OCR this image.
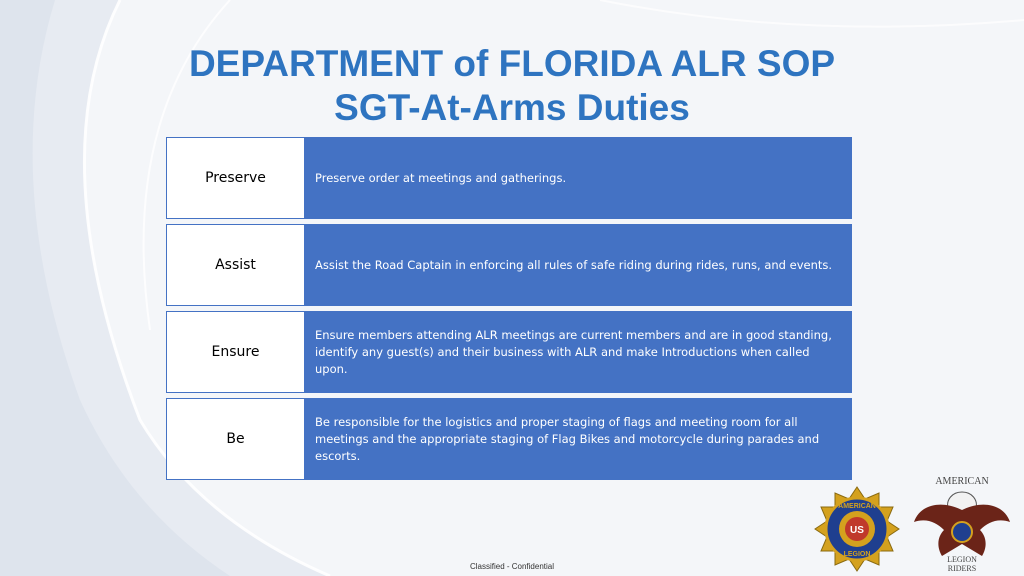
DEPARTMENT of FLORIDA ALR SOP
SGT-At-Arms Duties
Preserve	Preserve order at meetings and gatherings.
Assist	Assist the Road Captain in enforcing all rules of safe riding during rides, runs, and events.
Ensure
Ensure members attending ALR meetings are current members and are in good standing, identify any guest(s) and their business with ALR and make Introductions when called upon.
Be
Be responsible for the logistics and proper staging of flags and meeting room for all meetings and the appropriate staging of Flag Bikes and motorcycle during parades and escorts.
US
AMERICAN
LEGION
AMERICAN
LEGION
RIDERS
Classified - Confidential
